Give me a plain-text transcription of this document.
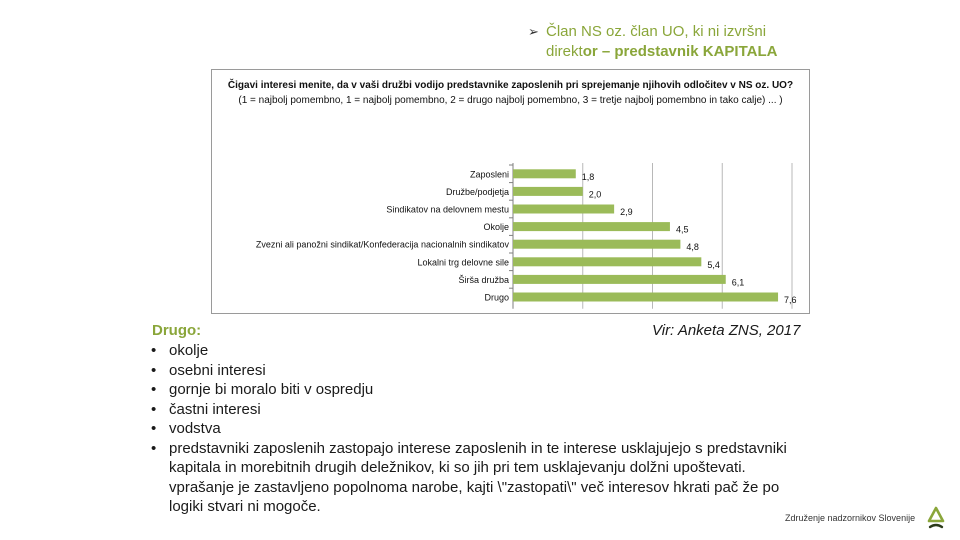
➢ Član NS oz. član UO, ki ni izvršni
direktor – predstavnik KAPITALA
Čigavi interesi menite, da v vaši družbi vodijo predstavnike zaposlenih pri sprejemanje njihovih odločitev v NS oz. UO?
(1 = najbolj pomembno, 1 = najbolj pomembno, 2 = drugo najbolj pomembno, 3 = tretje najbolj pomembno in tako calje) ... )
Zaposleni	1,8
Družbe/podjetja	2,0
Sindikatov na delovnem mestu	2,9
Okolje	4,5
Zvezni ali panožni sindikat/Konfederacija nacionalnih sindikatov	4,8
Lokalni trg delovne sile	5,4
Širša družba	6,1
Drugo	7,6
Drugo:	Vir: Anketa ZNS, 2017
• okolje
• osebni interesi
• gornje bi moralo biti v ospredju
• častni interesi
• vodstva
• predstavniki zaposlenih zastopajo interese zaposlenih in te interese usklajujejo s predstavniki kapitala in morebitnih drugih deležnikov, ki so jih pri tem usklajevanju dolžni upoštevati. vprašanje je zastavljeno popolnoma narobe, kajti \"zastopati\" več interesov hkrati pač že po logiki stvari ni mogoče.
Združenje nadzornikov Slovenije
